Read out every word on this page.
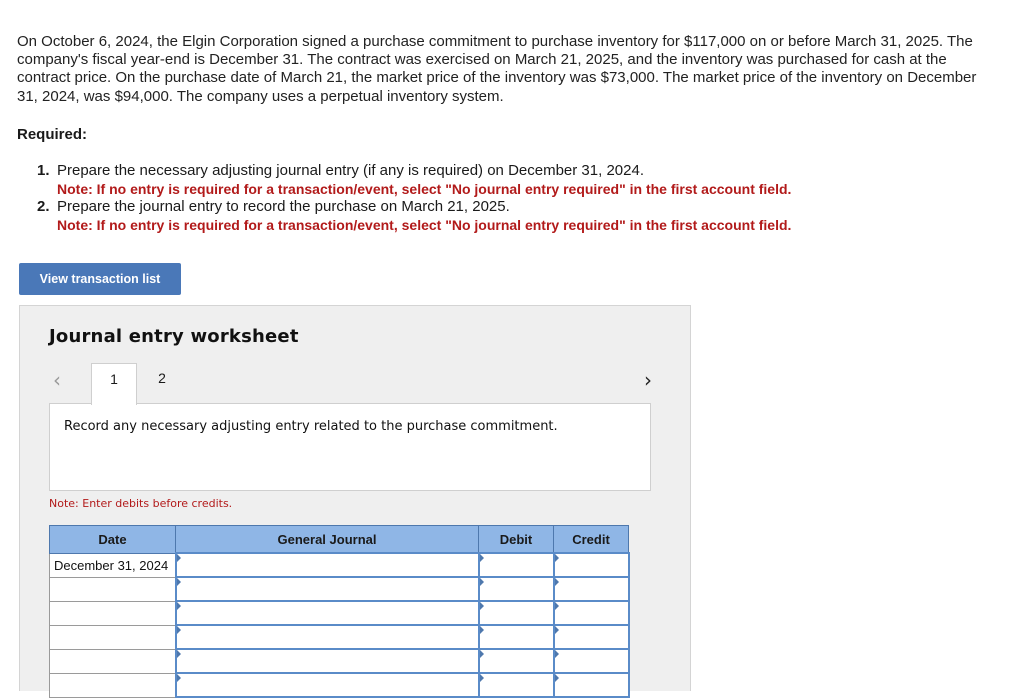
On October 6, 2024, the Elgin Corporation signed a purchase commitment to purchase inventory for $117,000 on or before March 31, 2025. The company's fiscal year-end is December 31. The contract was exercised on March 21, 2025, and the inventory was purchased for cash at the contract price. On the purchase date of March 21, the market price of the inventory was $73,000. The market price of the inventory on December 31, 2024, was $94,000. The company uses a perpetual inventory system.
Required:
1. Prepare the necessary adjusting journal entry (if any is required) on December 31, 2024.
Note: If no entry is required for a transaction/event, select "No journal entry required" in the first account field.
2. Prepare the journal entry to record the purchase on March 21, 2025.
Note: If no entry is required for a transaction/event, select "No journal entry required" in the first account field.
View transaction list
Journal entry worksheet
‹	1	2	›
Record any necessary adjusting entry related to the purchase commitment.
Note: Enter debits before credits.
Date	General Journal	Debit	Credit
December 31, 2024			
